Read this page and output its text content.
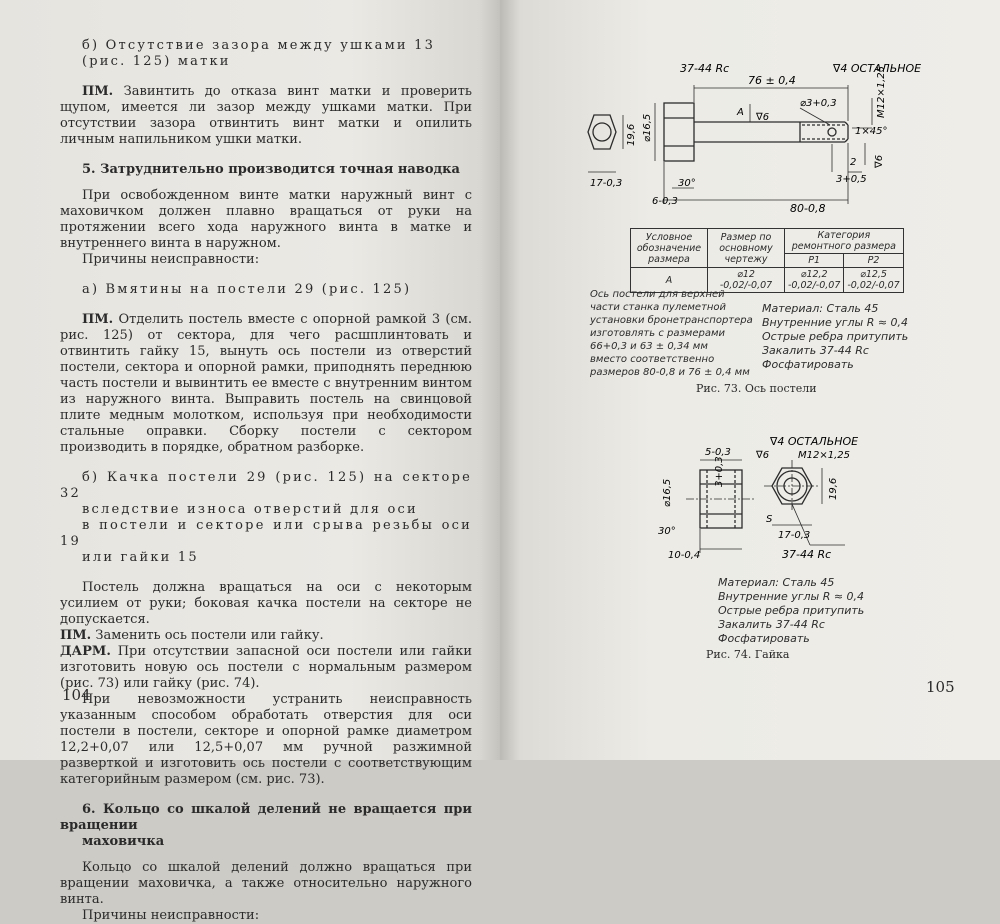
б) Отсутствие зазора между ушками 13

(рис. 125) матки

ПМ. Завинтить до отказа винт матки и проверить щупом, имеется ли зазор между ушками матки. При отсутствии зазора отвинтить винт матки и опилить личным напильником ушки матки.

5. Затруднительно производится точная наводка

При освобожденном винте матки наружный винт с маховичком должен плавно вращаться от руки на протяжении всего хода наружного винта в матке и внутреннего винта в наружном.

Причины неисправности:

а) Вмятины на постели 29 (рис. 125)

ПМ. Отделить постель вместе с опорной рамкой 3 (см. рис. 125) от сектора, для чего расшплинтовать и отвинтить гайку 15, вынуть ось постели из отверстий постели, сектора и опорной рамки, приподнять переднюю часть постели и вывинтить ее вместе с внутренним винтом из наружного винта. Выправить постель на свинцовой плите медным молотком, используя при необходимости стальные оправки. Сборку постели с сектором производить в порядке, обратном разборке.

б) Качка постели 29 (рис. 125) на секторе 32

вследствие износа отверстий для оси

в постели и секторе или срыва резьбы оси 19

или гайки 15

Постель должна вращаться на оси с некоторым усилием от руки; боковая качка постели на секторе не допускается.

ПМ. Заменить ось постели или гайку.

ДАРМ. При отсутствии запасной оси постели или гайки изготовить новую ось постели с нормальным размером (рис. 73) или гайку (рис. 74).

При невозможности устранить неисправность указанным способом обработать отверстия для оси постели в постели, секторе и опорной рамке диаметром 12,2+0,07 или 12,5+0,07 мм ручной разжимной разверткой и изготовить ось постели с соответствующим категорийным размером (см. рис. 73).

6. Кольцо со шкалой делений не вращается при вращении

маховичка

Кольцо со шкалой делений должно вращаться при вращении маховичка, а также относительно наружного винта.

Причины неисправности:

104
37-44 Rc	∇4 ОСТАЛЬНОЕ
76 ± 0,4
⌀3+0,3
∇6
А	М12×1,25
1×45°
∇6
2
3+0,5
⌀16,5
19,6
17-0,3	30°
6-0,3
80-0,8
∇4 ОСТАЛЬНОЕ
∇6	М12×1,25
5-0,3
3+0,3
⌀16,5	19,6
30°
10-0,4
17-0,3
S
37-44 Rc
Условное обозначение размера	Размер по основному чертежу	Категория ремонтного размера	
		Р1	Р2
А	⌀12 -0,02/-0,07	⌀12,2 -0,02/-0,07	⌀12,5 -0,02/-0,07
Ось постели для верхней
части станка пулеметной
установки бронетранспортера
изготовлять с размерами
66+0,3 и 63 ± 0,34 мм
вместо соответственно
размеров 80-0,8 и 76 ± 0,4 мм
Материал: Сталь 45
Внутренние углы R ≈ 0,4
Острые ребра притупить
Закалить 37-44 Rc
Фосфатировать
Рис. 73. Ось постели
Материал: Сталь 45
Внутренние углы R ≈ 0,4
Острые ребра притупить
Закалить 37-44 Rc
Фосфатировать
Рис. 74. Гайка
105
